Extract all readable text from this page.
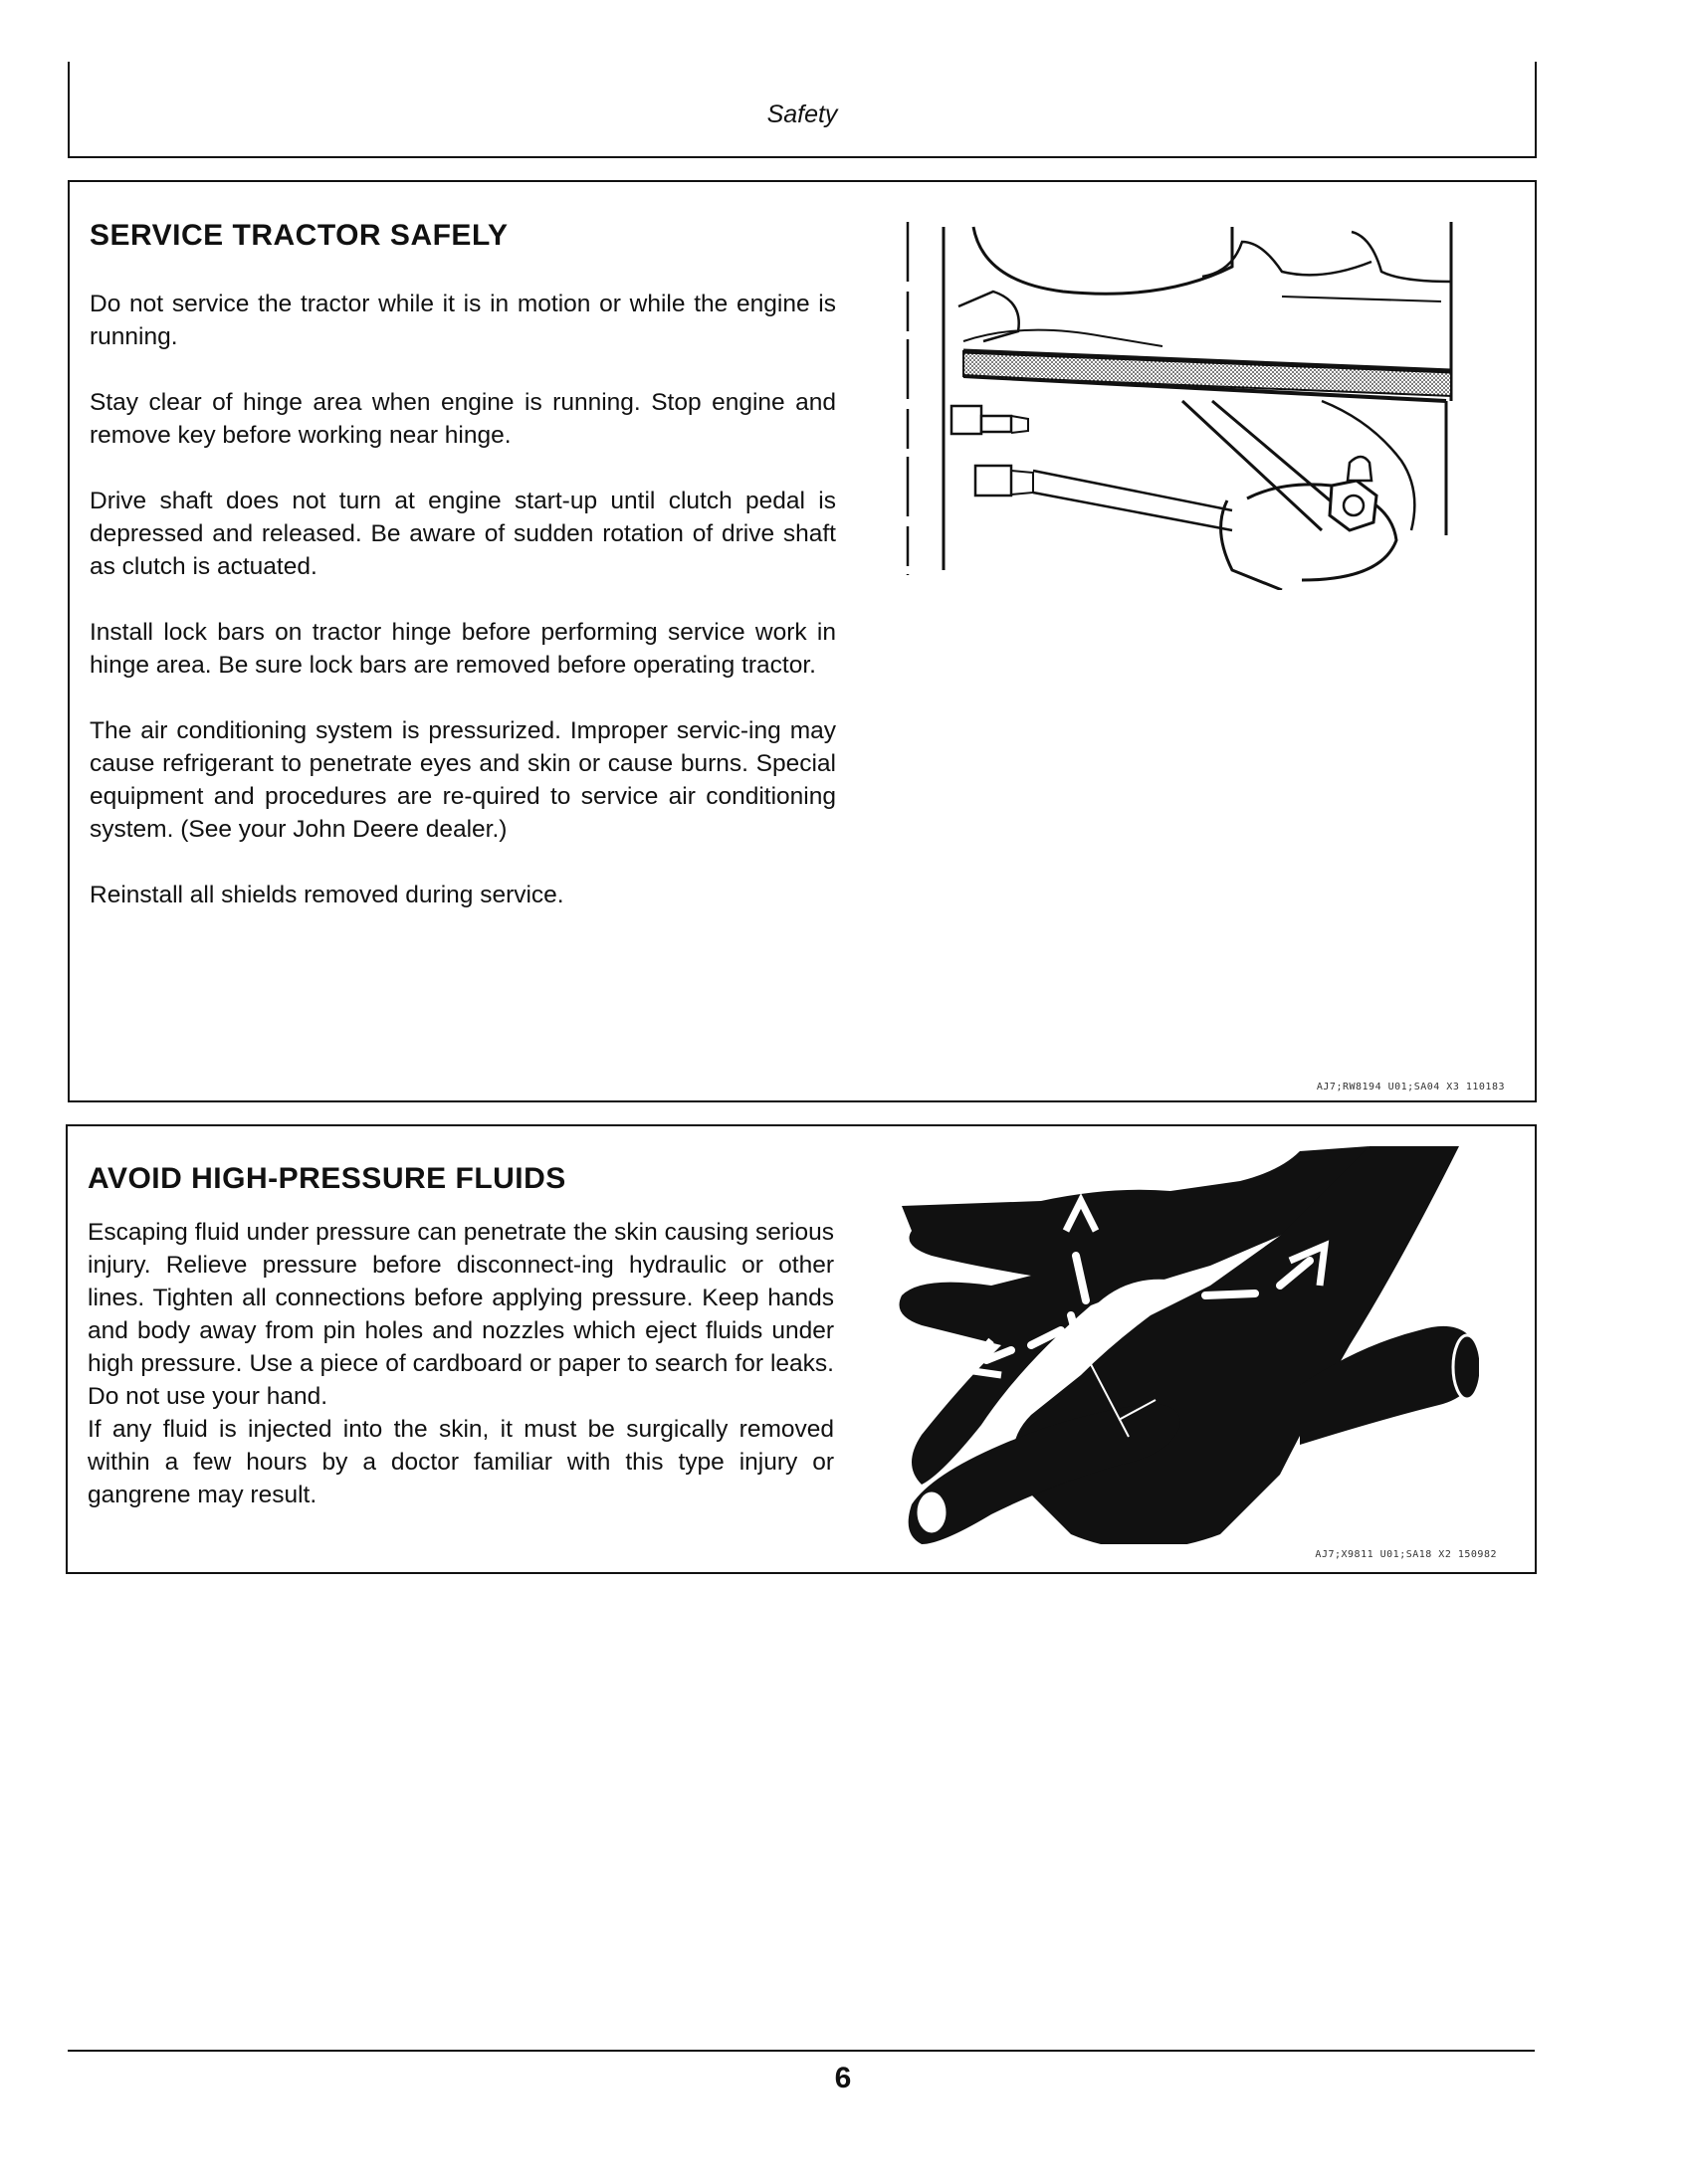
Safety
SERVICE TRACTOR SAFELY

Do not service the tractor while it is in motion or while the engine is running.

Stay clear of hinge area when engine is running. Stop engine and remove key before working near hinge.

Drive shaft does not turn at engine start-up until clutch pedal is depressed and released. Be aware of sudden rotation of drive shaft as clutch is actuated.

Install lock bars on tractor hinge before performing service work in hinge area. Be sure lock bars are removed before operating tractor.

The air conditioning system is pressurized. Improper servic-ing may cause refrigerant to penetrate eyes and skin or cause burns. Special equipment and procedures are re-quired to service air conditioning system. (See your John Deere dealer.)

Reinstall all shields removed during service.

AJ7;RW8194 U01;SA04 X3 110183
AVOID HIGH-PRESSURE FLUIDS

Escaping fluid under pressure can penetrate the skin causing serious injury. Relieve pressure before disconnect-ing hydraulic or other lines. Tighten all connections before applying pressure. Keep hands and body away from pin holes and nozzles which eject fluids under high pressure. Use a piece of cardboard or paper to search for leaks. Do not use your hand.

If any fluid is injected into the skin, it must be surgically removed within a few hours by a doctor familiar with this type injury or gangrene may result.

AJ7;X9811 U01;SA18 X2 150982
6
